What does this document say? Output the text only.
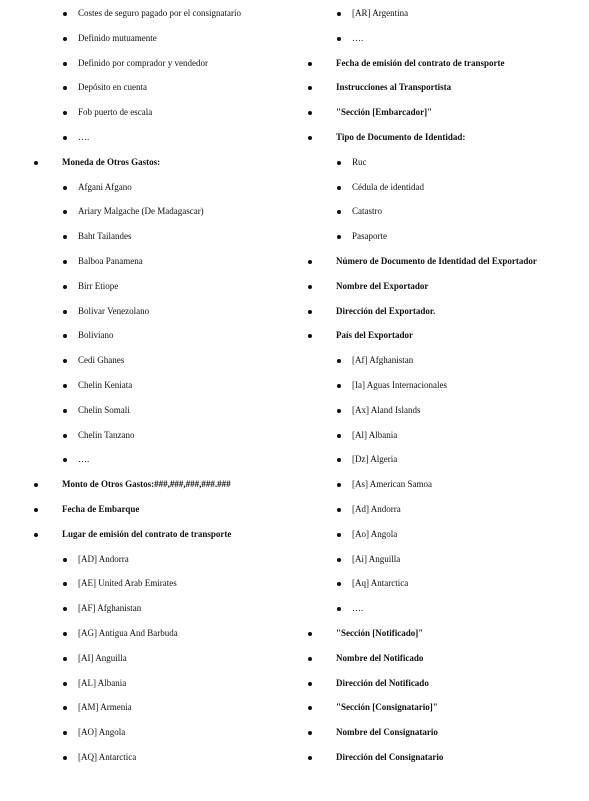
Costes de seguro pagado por el consignatario
Definido mutuamente
Definido por comprador y vendedor
Depósito en cuenta
Fob puerto de escala
….
Moneda de Otros Gastos:
Afgani Afgano
Ariary Malgache (De Madagascar)
Baht Tailandes
Balboa Panamena
Birr Etiope
Bolivar Venezolano
Boliviano
Cedi Ghanes
Chelin Keniata
Chelin Somali
Chelin Tanzano
….
Monto de Otros Gastos:###,###,###,###.###
Fecha de Embarque
Lugar de emisión del contrato de transporte
[AD] Andorra
[AE] United Arab Emirates
[AF] Afghanistan
[AG] Antigua And Barbuda
[AI] Anguilla
[AL] Albania
[AM] Armenia
[AO] Angola
[AQ] Antarctica
[AR] Argentina
….
Fecha de emisión del contrato de transporte
Instrucciones al Transportista
"Sección [Embarcador]"
Tipo de Documento de Identidad:
Ruc
Cédula de identidad
Catastro
Pasaporte
Número de Documento de Identidad del Exportador
Nombre del Exportador
Dirección del Exportador.
País del Exportador
[Af] Afghanistan
[Ia] Aguas Internacionales
[Ax] Aland Islands
[Al] Albania
[Dz] Algeria
[As] American Samoa
[Ad] Andorra
[Ao] Angola
[Ai] Anguilla
[Aq] Antarctica
….
"Sección [Notificado]"
Nombre del Notificado
Dirección del Notificado
"Sección [Consignatario]"
Nombre del Consignatario
Dirección del Consignatario
